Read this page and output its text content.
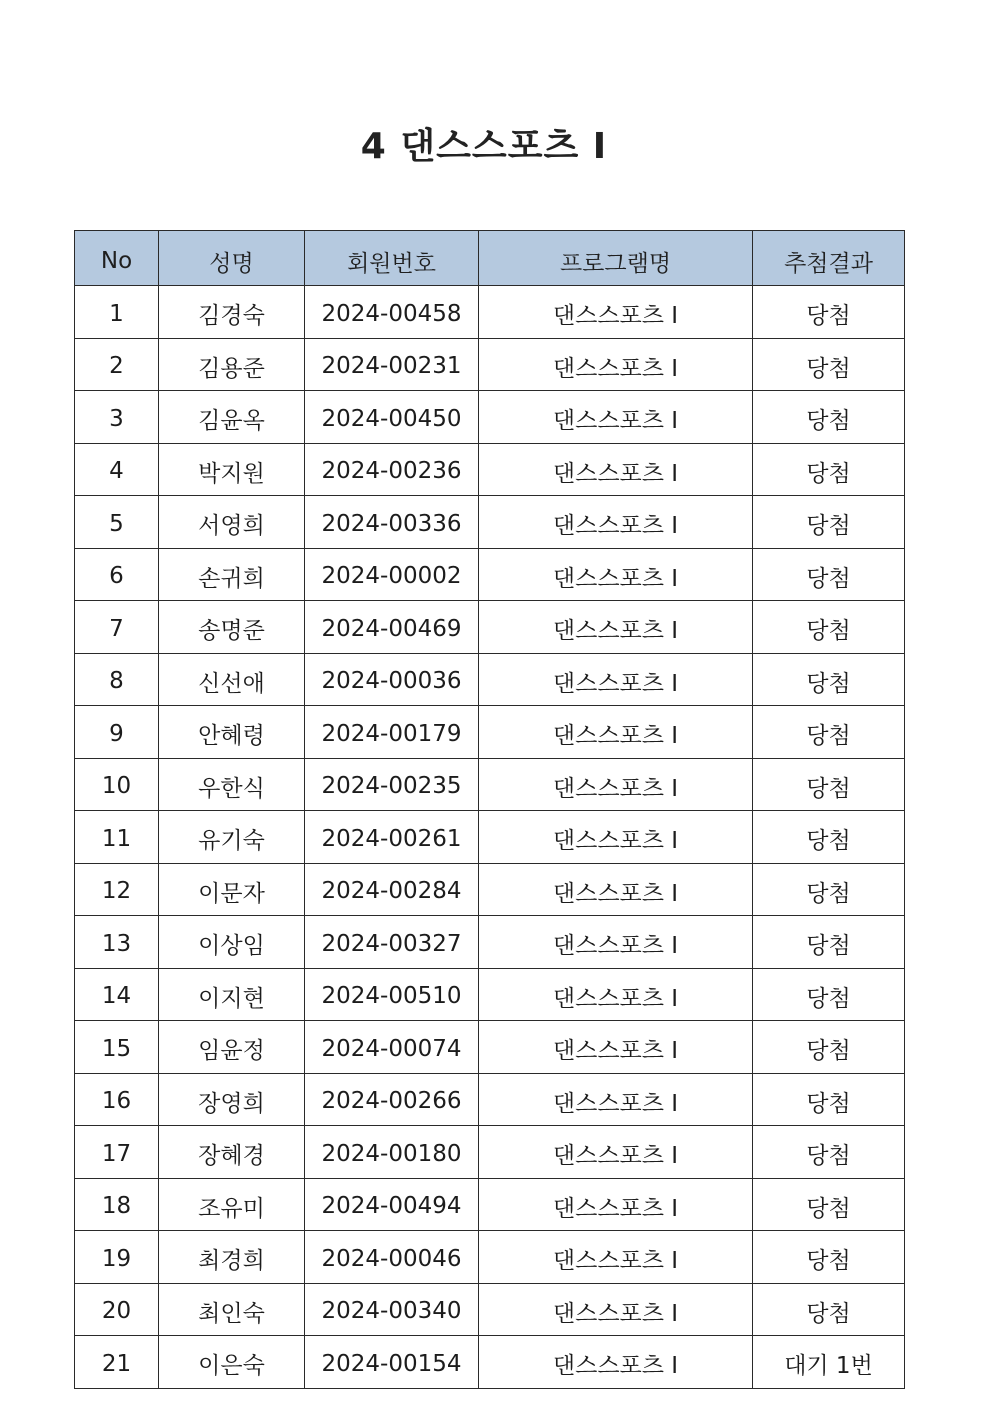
4 댄스스포츠 I
No	성명	회원번호	프로그램명	추첨결과
1	김경숙	2024-00458	댄스스포츠 I	당첨
2	김용준	2024-00231	댄스스포츠 I	당첨
3	김윤옥	2024-00450	댄스스포츠 I	당첨
4	박지원	2024-00236	댄스스포츠 I	당첨
5	서영희	2024-00336	댄스스포츠 I	당첨
6	손귀희	2024-00002	댄스스포츠 I	당첨
7	송명준	2024-00469	댄스스포츠 I	당첨
8	신선애	2024-00036	댄스스포츠 I	당첨
9	안혜령	2024-00179	댄스스포츠 I	당첨
10	우한식	2024-00235	댄스스포츠 I	당첨
11	유기숙	2024-00261	댄스스포츠 I	당첨
12	이문자	2024-00284	댄스스포츠 I	당첨
13	이상임	2024-00327	댄스스포츠 I	당첨
14	이지현	2024-00510	댄스스포츠 I	당첨
15	임윤정	2024-00074	댄스스포츠 I	당첨
16	장영희	2024-00266	댄스스포츠 I	당첨
17	장혜경	2024-00180	댄스스포츠 I	당첨
18	조유미	2024-00494	댄스스포츠 I	당첨
19	최경희	2024-00046	댄스스포츠 I	당첨
20	최인숙	2024-00340	댄스스포츠 I	당첨
21	이은숙	2024-00154	댄스스포츠 I	대기 1번
